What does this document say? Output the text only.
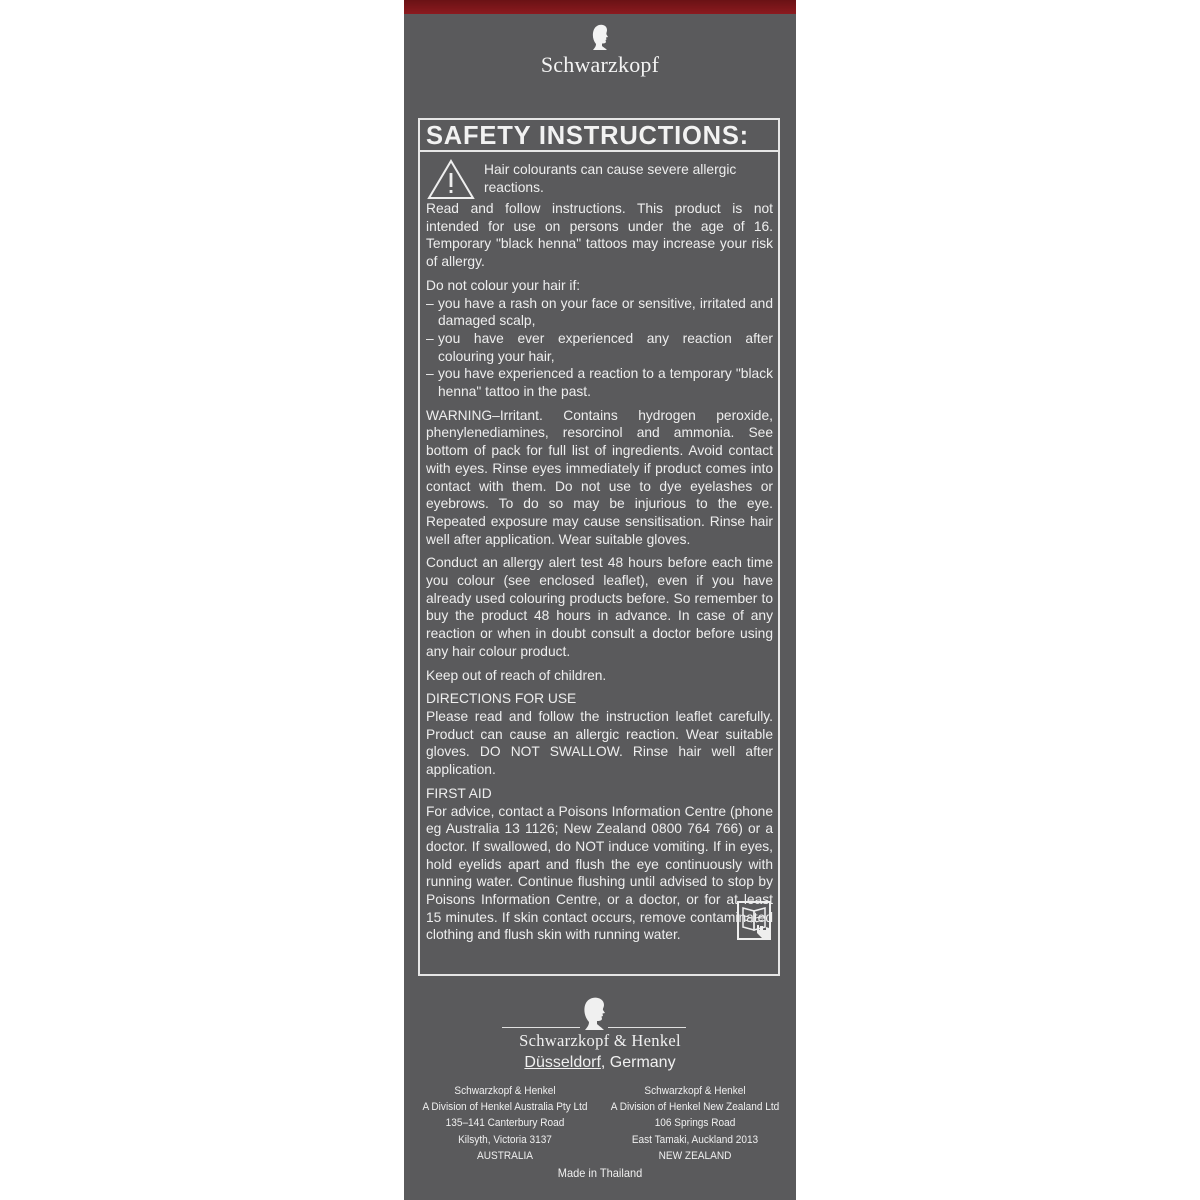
Schwarzkopf
SAFETY INSTRUCTIONS:
Hair colourants can cause severe allergic reactions.
Read and follow instructions. This product is not intended for use on persons under the age of 16. Temporary "black henna" tattoos may increase your risk of allergy.
Do not colour your hair if:
– you have a rash on your face or sensitive, irritated and damaged scalp,
– you have ever experienced any reaction after colouring your hair,
– you have experienced a reaction to a temporary "black henna" tattoo in the past.
WARNING–Irritant. Contains hydrogen peroxide, phenylenediamines, resorcinol and ammonia. See bottom of pack for full list of ingredients. Avoid contact with eyes. Rinse eyes immediately if product comes into contact with them. Do not use to dye eyelashes or eyebrows. To do so may be injurious to the eye. Repeated exposure may cause sensitisation. Rinse hair well after application. Wear suitable gloves.
Conduct an allergy alert test 48 hours before each time you colour (see enclosed leaflet), even if you have already used colouring products before. So remember to buy the product 48 hours in advance. In case of any reaction or when in doubt consult a doctor before using any hair colour product.
Keep out of reach of children.
DIRECTIONS FOR USE
Please read and follow the instruction leaflet carefully. Product can cause an allergic reaction. Wear suitable gloves. DO NOT SWALLOW. Rinse hair well after application.
FIRST AID
For advice, contact a Poisons Information Centre (phone eg Australia 13 1126; New Zealand 0800 764 766) or a doctor. If swallowed, do NOT induce vomiting. If in eyes, hold eyelids apart and flush the eye continuously with running water. Continue flushing until advised to stop by Poisons Information Centre, or a doctor, or for at least 15 minutes. If skin contact occurs, remove contaminated clothing and flush skin with running water.
Schwarzkopf & Henkel
Düsseldorf, Germany
Schwarzkopf & Henkel
A Division of Henkel Australia Pty Ltd
135–141 Canterbury Road
Kilsyth, Victoria 3137
AUSTRALIA
Schwarzkopf & Henkel
A Division of Henkel New Zealand Ltd
106 Springs Road
East Tamaki, Auckland 2013
NEW ZEALAND
Made in Thailand
